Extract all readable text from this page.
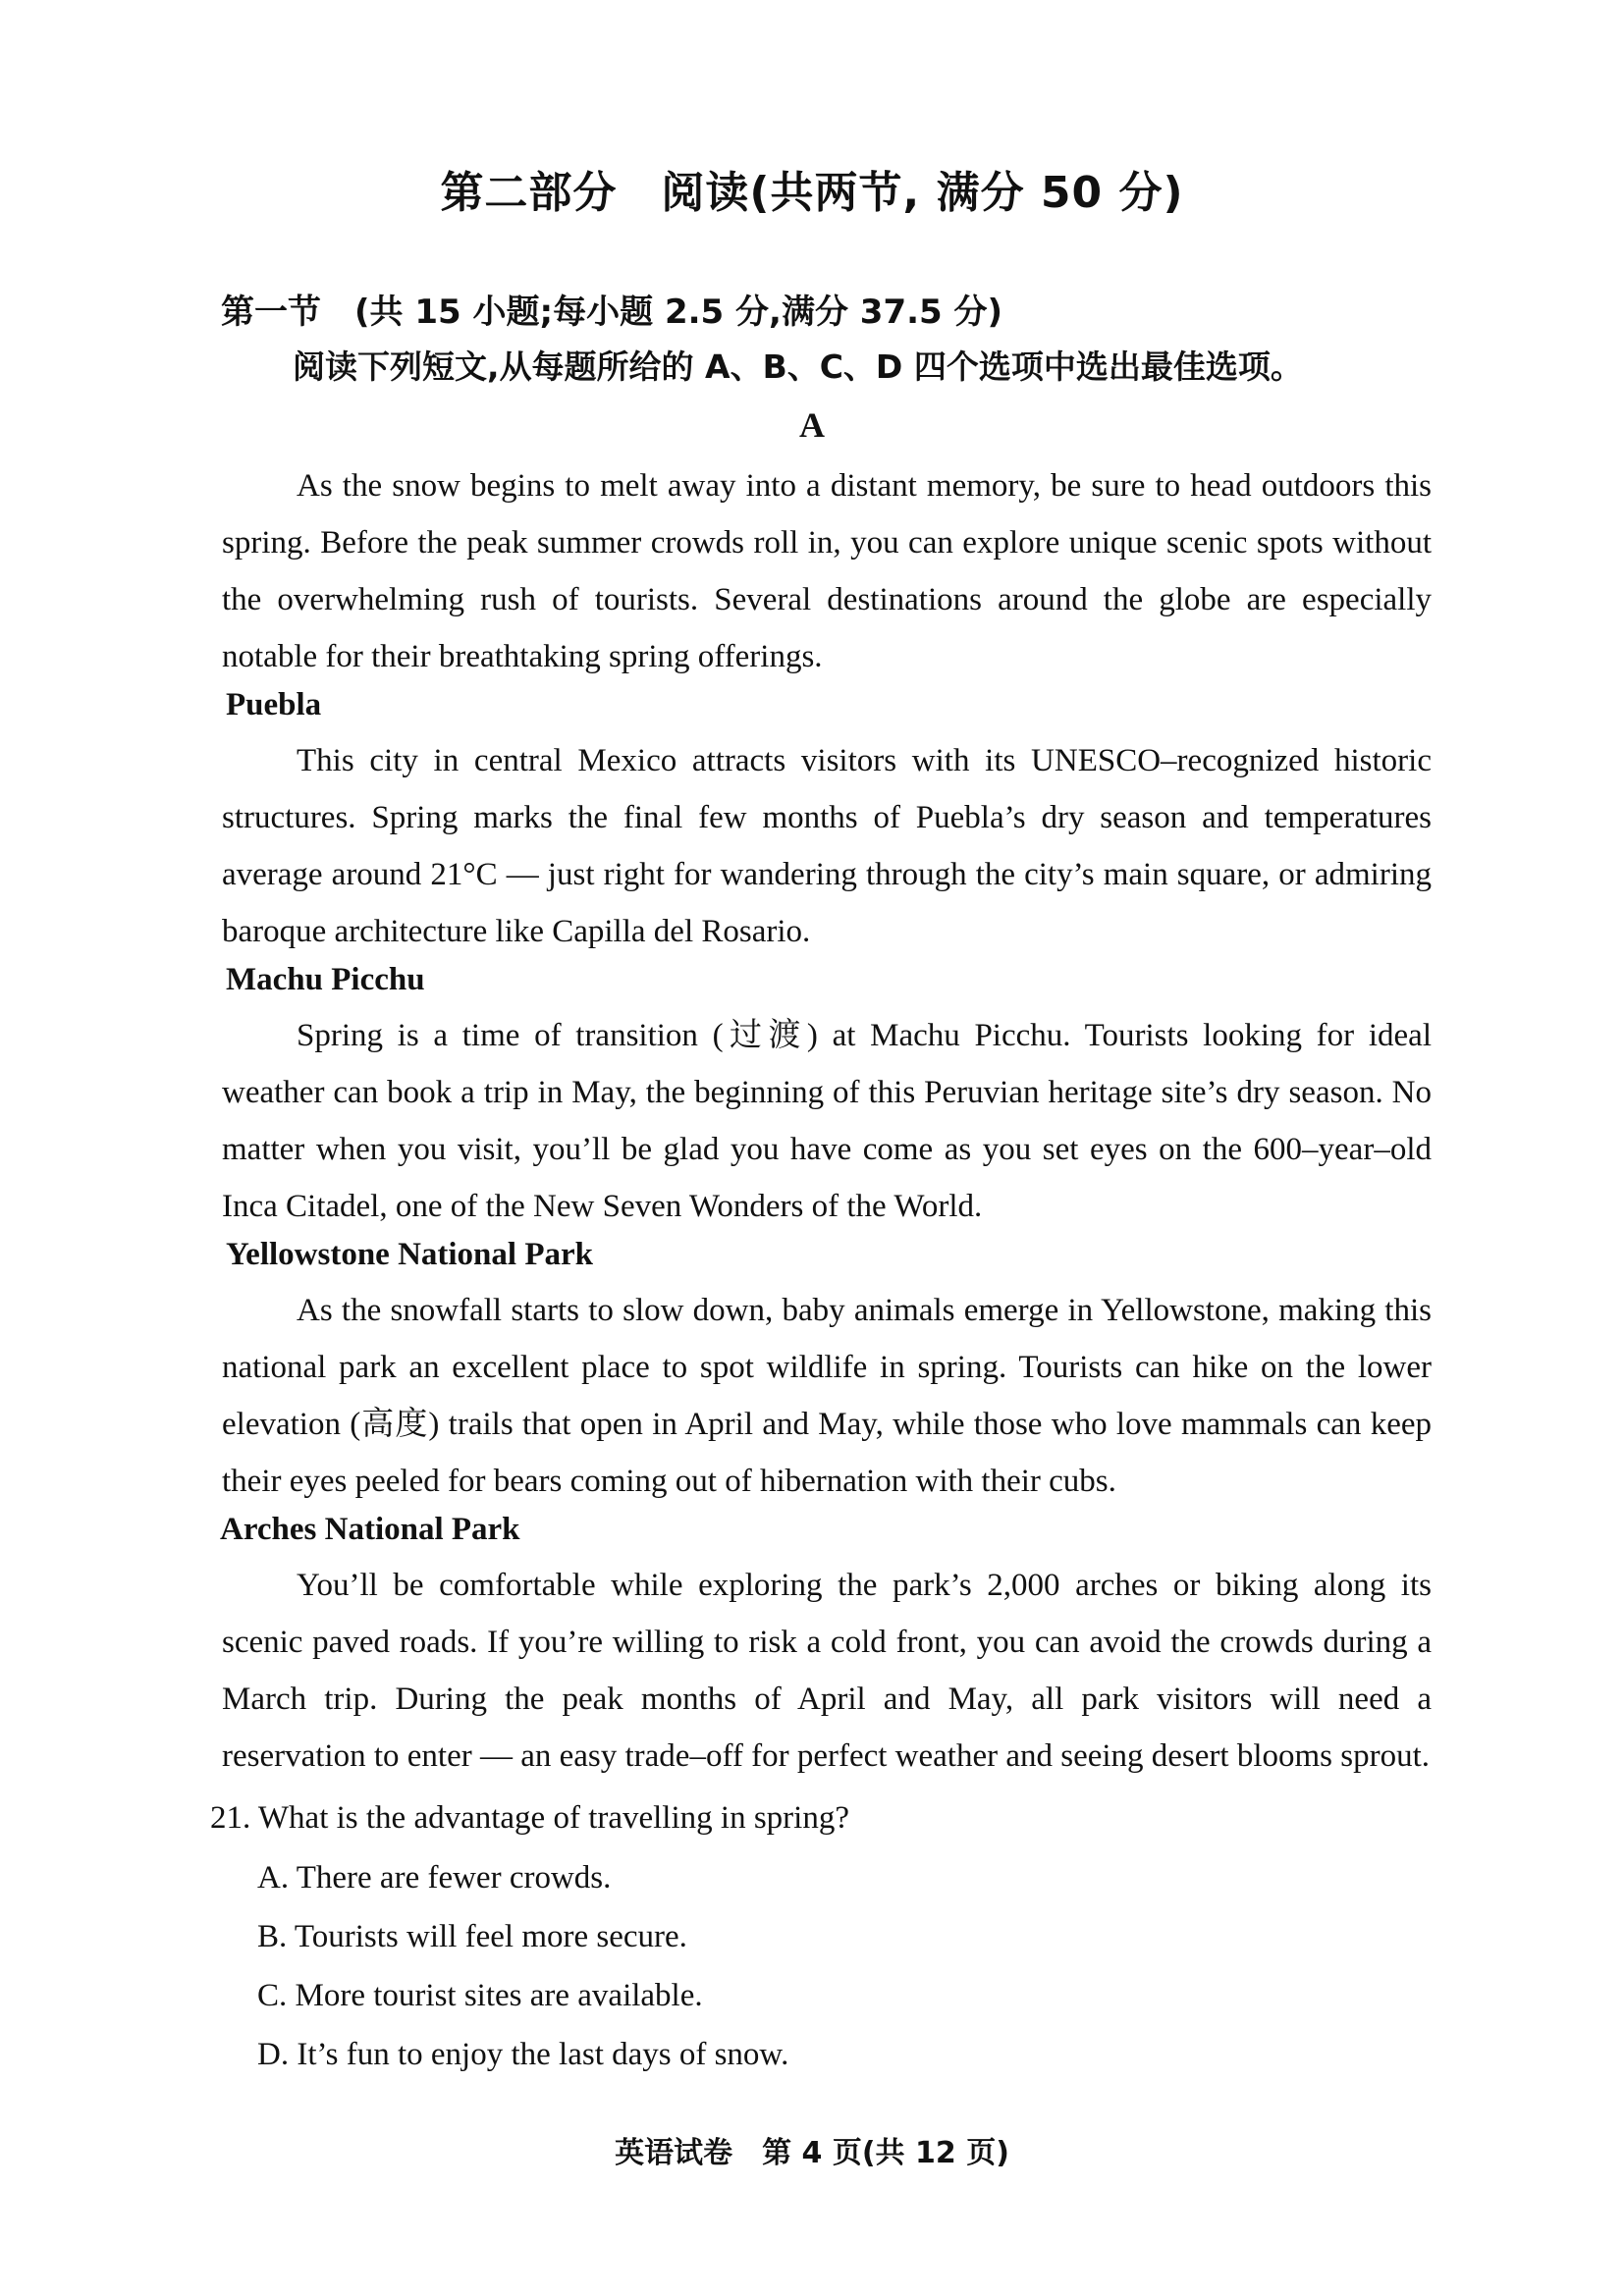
第二部分　阅读(共两节, 满分 50 分)
第一节 (共 15 小题;每小题 2.5 分,满分 37.5 分)
阅读下列短文,从每题所给的 A、B、C、D 四个选项中选出最佳选项。
A

As the snow begins to melt away into a distant memory, be sure to head outdoors this spring. Before the peak summer crowds roll in, you can explore unique scenic spots without the overwhelming rush of tourists. Several destinations around the globe are especially notable for their breathtaking spring offerings.

Puebla

This city in central Mexico attracts visitors with its UNESCO–recognized historic structures. Spring marks the final few months of Puebla’s dry season and temperatures average around 21°C — just right for wandering through the city’s main square, or admiring baroque architecture like Capilla del Rosario.

Machu Picchu

Spring is a time of transition (过渡) at Machu Picchu. Tourists looking for ideal weather can book a trip in May, the beginning of this Peruvian heritage site’s dry season. No matter when you visit, you’ll be glad you have come as you set eyes on the 600–year–old Inca Citadel, one of the New Seven Wonders of the World.

Yellowstone National Park

As the snowfall starts to slow down, baby animals emerge in Yellowstone, making this national park an excellent place to spot wildlife in spring. Tourists can hike on the lower elevation (高度) trails that open in April and May, while those who love mammals can keep their eyes peeled for bears coming out of hibernation with their cubs.

Arches National Park

You’ll be comfortable while exploring the park’s 2,000 arches or biking along its scenic paved roads. If you’re willing to risk a cold front, you can avoid the crowds during a March trip. During the peak months of April and May, all park visitors will need a reservation to enter — an easy trade–off for perfect weather and seeing desert blooms sprout.

21. What is the advantage of travelling in spring?
A. There are fewer crowds.
B. Tourists will feel more secure.
C. More tourist sites are available.
D. It’s fun to enjoy the last days of snow.
英语试卷　第 4 页(共 12 页)
